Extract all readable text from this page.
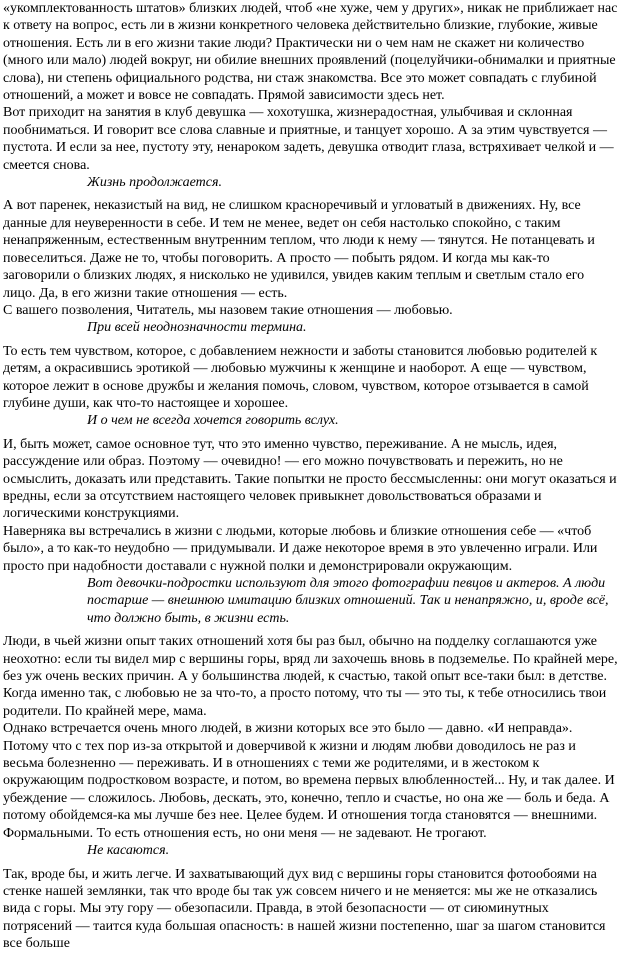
«укомплектованность штатов» близких людей, чтоб «не хуже, чем у других», никак не приближает нас к ответу на вопрос, есть ли в жизни конкретного человека действительно близкие, глубокие, живые отношения. Есть ли в его жизни такие люди? Практически ни о чем нам не скажет ни количество (много или мало) людей вокруг, ни обилие внешних проявлений (поцелуйчики-обнималки и приятные слова), ни степень официального родства, ни стаж знакомства. Все это может совпадать с глубиной отношений, а может и вовсе не совпадать. Прямой зависимости здесь нет.

Вот приходит на занятия в клуб девушка — хохотушка, жизнерадостная, улыбчивая и склонная пообниматься. И говорит все слова славные и приятные, и танцует хорошо. А за этим чувствуется — пустота. И если за нее, пустоту эту, ненароком задеть, девушка отводит глаза, встряхивает челкой и — смеется снова.

Жизнь продолжается.

А вот паренек, неказистый на вид, не слишком красноречивый и угловатый в движениях. Ну, все данные для неуверенности в себе. И тем не менее, ведет он себя настолько спокойно, с таким ненапряженным, естественным внутренним теплом, что люди к нему — тянутся. Не потанцевать и повеселиться. Даже не то, чтобы поговорить. А просто — побыть рядом. И когда мы как-то заговорили о близких людях, я нисколько не удивился, увидев каким теплым и светлым стало его лицо. Да, в его жизни такие отношения — есть.

С вашего позволения, Читатель, мы назовем такие отношения — любовью.

При всей неоднозначности термина.

То есть тем чувством, которое, с добавлением нежности и заботы становится любовью родителей к детям, а окрасившись эротикой — любовью мужчины к женщине и наоборот. А еще — чувством, которое лежит в основе дружбы и желания помочь, словом, чувством, которое отзывается в самой глубине души, как что-то настоящее и хорошее.

И о чем не всегда хочется говорить вслух.

И, быть может, самое основное тут, что это именно чувство, переживание. А не мысль, идея, рассуждение или образ. Поэтому — очевидно! — его можно почувствовать и пережить, но не осмыслить, доказать или представить. Такие попытки не просто бессмысленны: они могут оказаться и вредны, если за отсутствием настоящего человек привыкнет довольствоваться образами и логическими конструкциями.

Наверняка вы встречались в жизни с людьми, которые любовь и близкие отношения себе — «чтоб было», а то как-то неудобно — придумывали. И даже некоторое время в это увлеченно играли. Или просто при надобности доставали с нужной полки и демонстрировали окружающим.

Вот девочки-подростки используют для этого фотографии певцов и актеров. А люди постарше — внешнюю имитацию близких отношений. Так и ненапряжно, и, вроде всё, что должно быть, в жизни есть.

Люди, в чьей жизни опыт таких отношений хотя бы раз был, обычно на подделку соглашаются уже неохотно: если ты видел мир с вершины горы, вряд ли захочешь вновь в подземелье. По крайней мере, без уж очень веских причин. А у большинства людей, к счастью, такой опыт все-таки был: в детстве. Когда именно так, с любовью не за что-то, а просто потому, что ты — это ты, к тебе относились твои родители. По крайней мере, мама.

Однако встречается очень много людей, в жизни которых все это было — давно. «И неправда». Потому что с тех пор из-за открытой и доверчивой к жизни и людям любви доводилось не раз и весьма болезненно — переживать. И в отношениях с теми же родителями, и в жестоком к окружающим подростковом возрасте, и потом, во времена первых влюбленностей... Ну, и так далее. И убеждение — сложилось. Любовь, дескать, это, конечно, тепло и счастье, но она же — боль и беда. А потому обойдемся-ка мы лучше без нее. Целее будем. И отношения тогда становятся — внешними. Формальными. То есть отношения есть, но они меня — не задевают. Не трогают.

Не касаются.

Так, вроде бы, и жить легче. И захватывающий дух вид с вершины горы становится фотообоями на стенке нашей землянки, так что вроде бы так уж совсем ничего и не меняется: мы же не отказались вида с горы. Мы эту гору — обезопасили. Правда, в этой безопасности — от сиюминутных потрясений — таится куда большая опасность: в нашей жизни постепенно, шаг за шагом становится все больше
